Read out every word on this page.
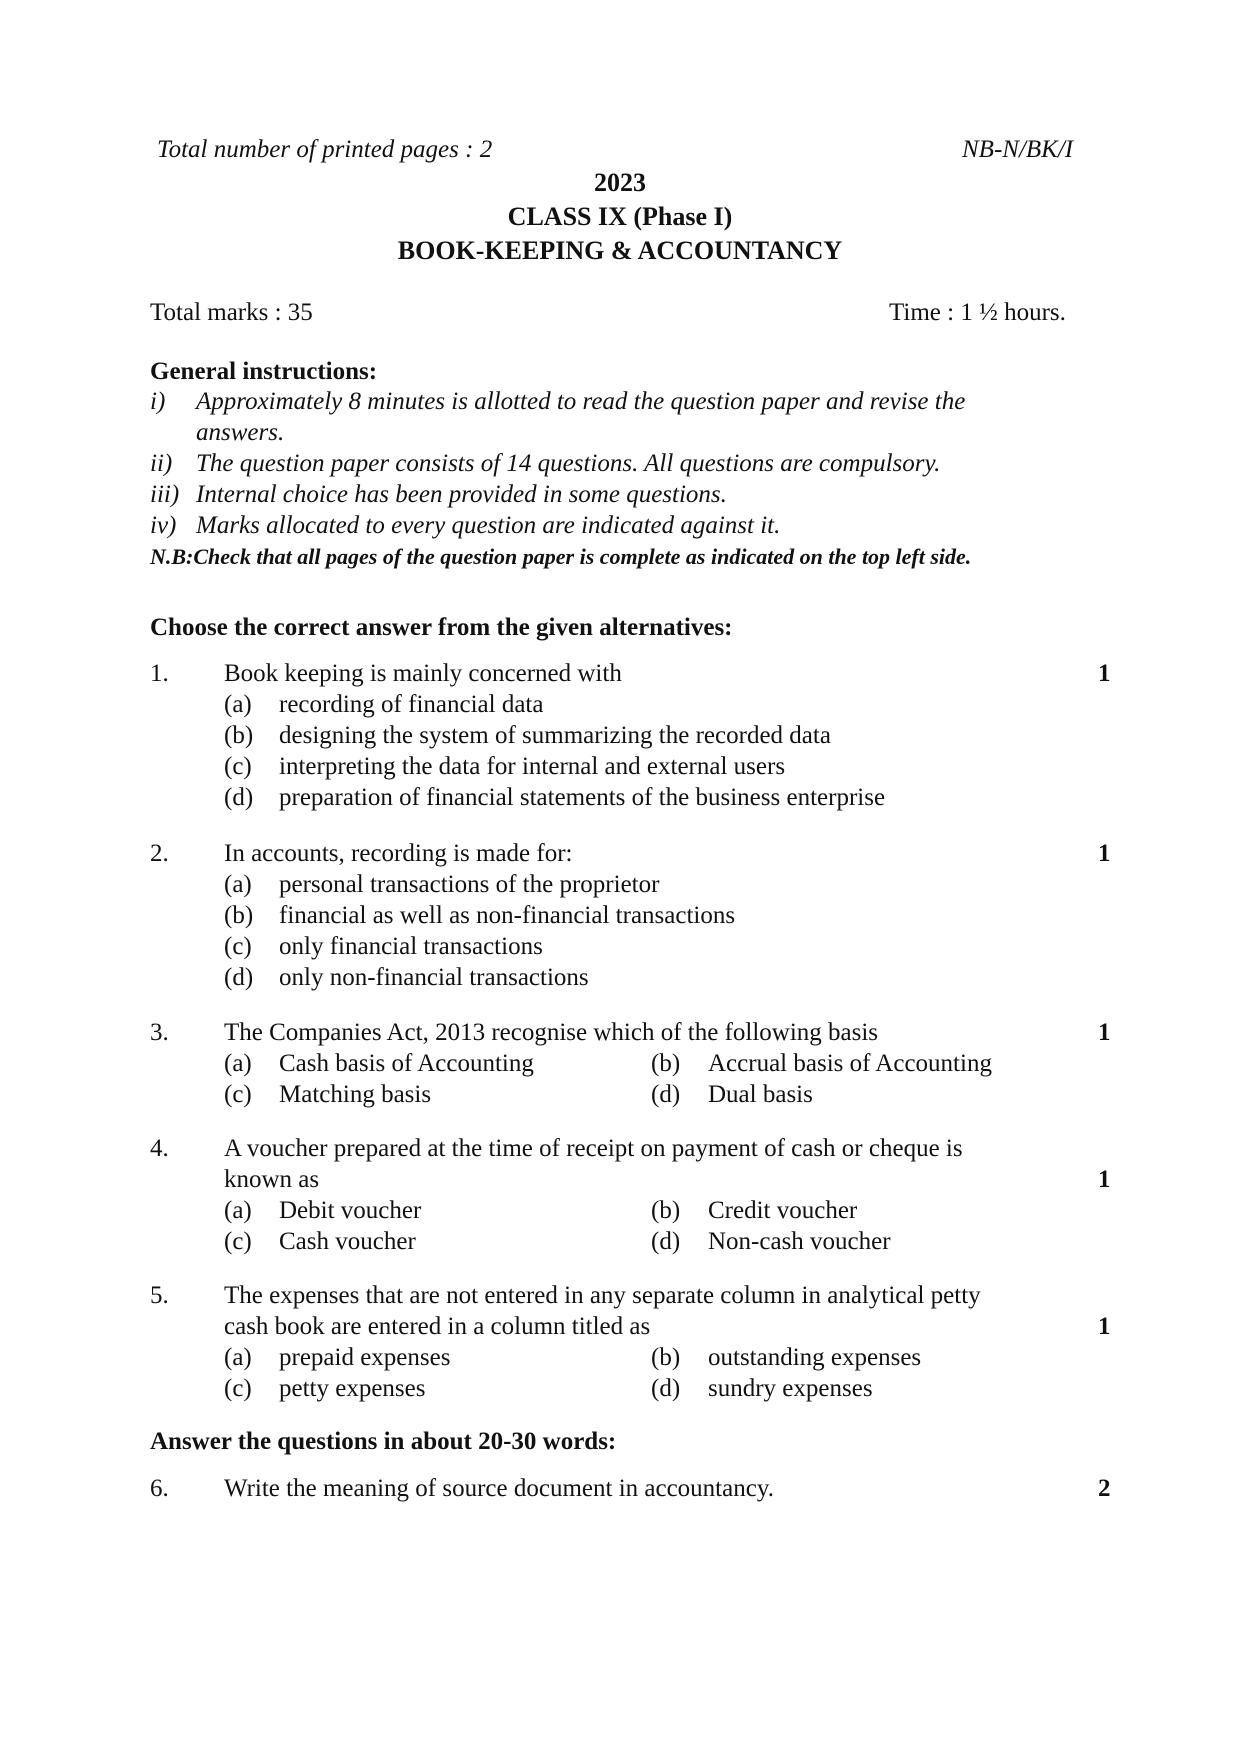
Total number of printed pages : 2	NB-N/BK/I
2023
CLASS IX (Phase I)
BOOK-KEEPING & ACCOUNTANCY
Total marks : 35	Time : 1 ½ hours.
General instructions:
i) Approximately 8 minutes is allotted to read the question paper and revise the
answers.
ii) The question paper consists of 14 questions. All questions are compulsory.
iii) Internal choice has been provided in some questions.
iv) Marks allocated to every question are indicated against it.
N.B:Check that all pages of the question paper is complete as indicated on the top left side.
Choose the correct answer from the given alternatives:
1. Book keeping is mainly concerned with	1
(a) recording of financial data
(b) designing the system of summarizing the recorded data
(c) interpreting the data for internal and external users
(d) preparation of financial statements of the business enterprise
2. In accounts, recording is made for:	1
(a) personal transactions of the proprietor
(b) financial as well as non-financial transactions
(c) only financial transactions
(d) only non-financial transactions
3. The Companies Act, 2013 recognise which of the following basis	1
(a) Cash basis of Accounting	(b) Accrual basis of Accounting
(c) Matching basis	(d) Dual basis
4. A voucher prepared at the time of receipt on payment of cash or cheque is
known as	1
(a) Debit voucher	(b) Credit voucher
(c) Cash voucher	(d) Non-cash voucher
5. The expenses that are not entered in any separate column in analytical petty
cash book are entered in a column titled as	1
(a) prepaid expenses	(b) outstanding expenses
(c) petty expenses	(d) sundry expenses
Answer the questions in about 20-30 words:
6. Write the meaning of source document in accountancy.	2
